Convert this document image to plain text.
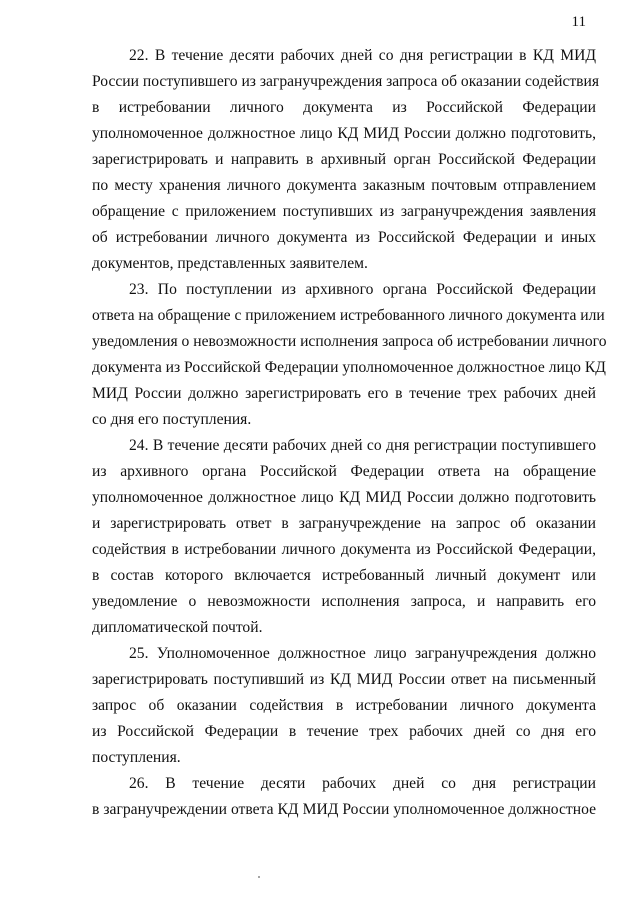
11
22. В течение десяти рабочих дней со дня регистрации в КД МИД
России поступившего из загранучреждения запроса об оказании содействия
в истребовании личного документа из Российской Федерации
уполномоченное должностное лицо КД МИД России должно подготовить,
зарегистрировать и направить в архивный орган Российской Федерации
по месту хранения личного документа заказным почтовым отправлением
обращение с приложением поступивших из загранучреждения заявления
об истребовании личного документа из Российской Федерации и иных
документов, представленных заявителем.
23. По поступлении из архивного органа Российской Федерации
ответа на обращение с приложением истребованного личного документа или
уведомления о невозможности исполнения запроса об истребовании личного
документа из Российской Федерации уполномоченное должностное лицо КД
МИД России должно зарегистрировать его в течение трех рабочих дней
со дня его поступления.
24. В течение десяти рабочих дней со дня регистрации поступившего
из архивного органа Российской Федерации ответа на обращение
уполномоченное должностное лицо КД МИД России должно подготовить
и зарегистрировать ответ в загранучреждение на запрос об оказании
содействия в истребовании личного документа из Российской Федерации,
в состав которого включается истребованный личный документ или
уведомление о невозможности исполнения запроса, и направить его
дипломатической почтой.
25. Уполномоченное должностное лицо загранучреждения должно
зарегистрировать поступивший из КД МИД России ответ на письменный
запрос об оказании содействия в истребовании личного документа
из Российской Федерации в течение трех рабочих дней со дня его
поступления.
26. В течение десяти рабочих дней со дня регистрации
в загранучреждении ответа КД МИД России уполномоченное должностное
